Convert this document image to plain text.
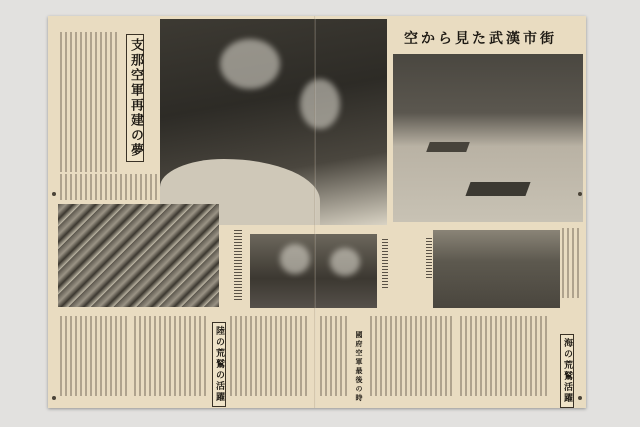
支那空軍再建の夢	空から見た武漢市街
陸の荒鷲の活躍	國府空軍最後の時	海の荒鷲活躍
